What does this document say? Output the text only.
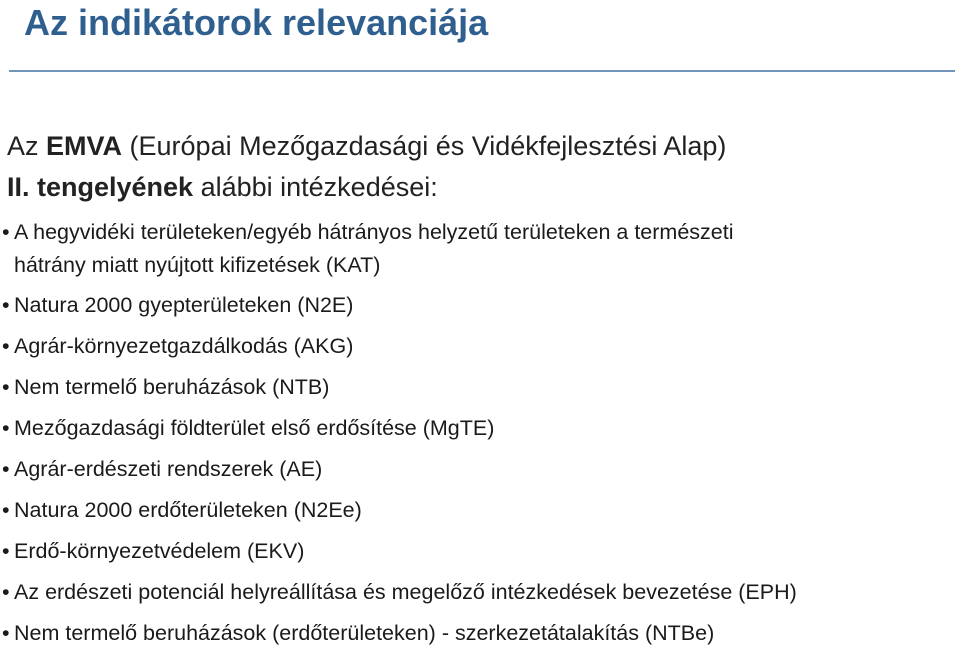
Az indikátorok relevanciája
Az EMVA (Európai Mezőgazdasági és Vidékfejlesztési Alap)
II. tengelyének alábbi intézkedései:
• A hegyvidéki területeken/egyéb hátrányos helyzetű területeken a természeti
hátrány miatt nyújtott kifizetések (KAT)
• Natura 2000 gyepterületeken (N2E)
• Agrár-környezetgazdálkodás (AKG)
• Nem termelő beruházások (NTB)
• Mezőgazdasági földterület első erdősítése (MgTE)
• Agrár-erdészeti rendszerek (AE)
• Natura 2000 erdőterületeken (N2Ee)
• Erdő-környezetvédelem (EKV)
• Az erdészeti potenciál helyreállítása és megelőző intézkedések bevezetése (EPH)
• Nem termelő beruházások (erdőterületeken) - szerkezetátalakítás (NTBe)
